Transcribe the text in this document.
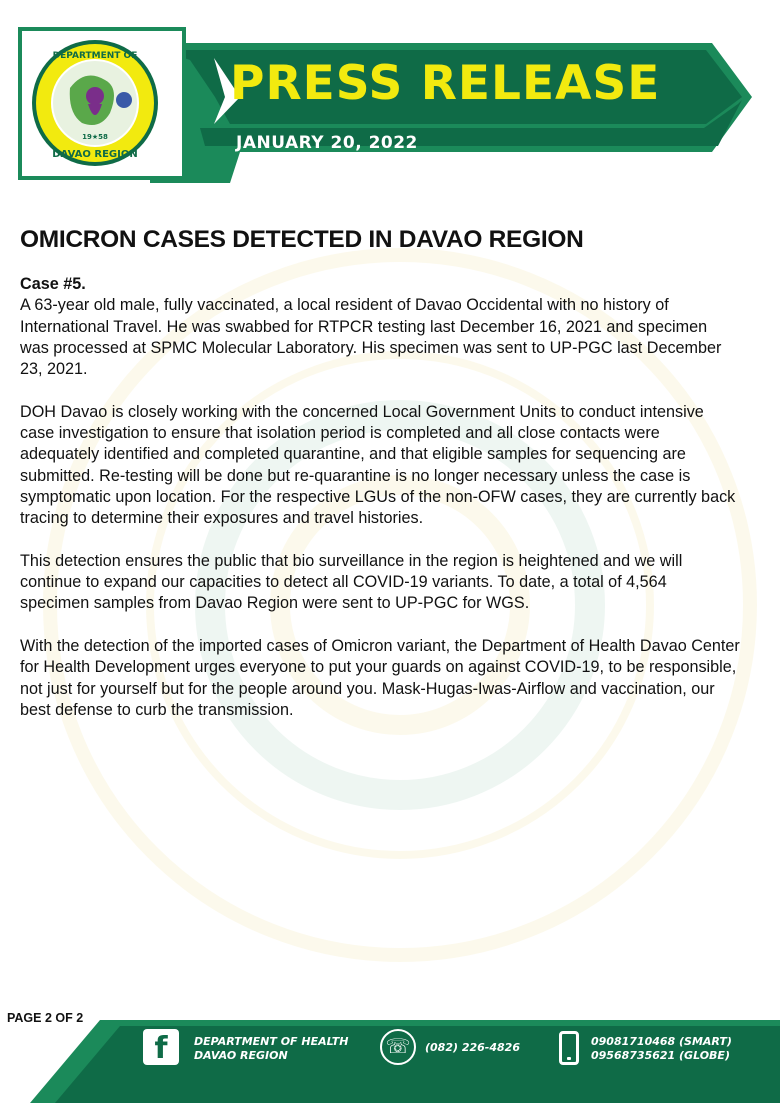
DEPARTMENT OF
DAVAO REGION
19★58
PRESS RELEASE
JANUARY 20, 2022
OMICRON CASES DETECTED IN DAVAO REGION
Case #5.
A 63-year old male, fully vaccinated, a local resident of Davao Occidental with no history of International Travel. He was swabbed for RTPCR testing last December 16, 2021 and specimen was processed at SPMC Molecular Laboratory. His specimen was sent to UP-PGC last December 23, 2021.
DOH Davao is closely working with the concerned Local Government Units to conduct intensive case investigation to ensure that isolation period is completed and all close contacts were adequately identified and completed quarantine, and that eligible samples for sequencing are submitted. Re-testing will be done but re-quarantine is no longer necessary unless the case is symptomatic upon location. For the respective LGUs of the non-OFW cases, they are currently back tracing to determine their exposures and travel histories.
This detection ensures the public that bio surveillance in the region is heightened and we will continue to expand our capacities to detect all COVID-19 variants. To date, a total of 4,564 specimen samples from Davao Region were sent to UP-PGC for WGS.
With the detection of the imported cases of Omicron variant, the Department of Health Davao Center for Health Development urges everyone to put your guards on against COVID-19, to be responsible, not just for yourself but for the people around you. Mask-Hugas-Iwas-Airflow and vaccination, our best defense to curb the transmission.
PAGE 2 OF 2
f	DEPARTMENT OF HEALTH
DAVAO REGION	☏	(082) 226-4826	09081710468 (SMART)
09568735621 (GLOBE)
